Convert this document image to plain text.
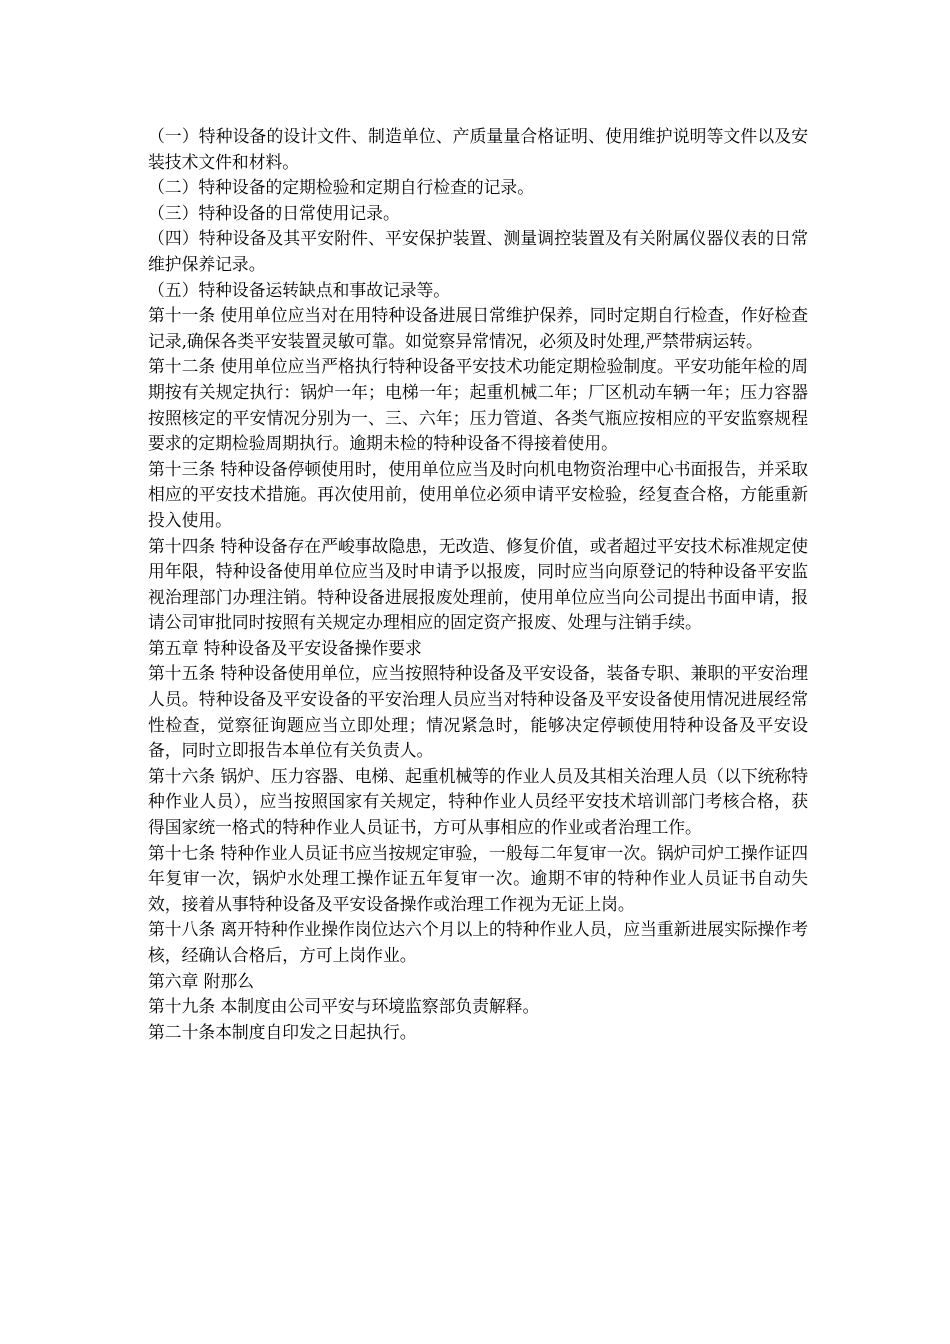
（一）特种设备的设计文件、制造单位、产质量量合格证明、使用维护说明等文件以及安装技术文件和材料。

（二）特种设备的定期检验和定期自行检查的记录。

（三）特种设备的日常使用记录。

（四）特种设备及其平安附件、平安保护装置、测量调控装置及有关附属仪器仪表的日常维护保养记录。

（五）特种设备运转缺点和事故记录等。

第十一条 使用单位应当对在用特种设备进展日常维护保养，同时定期自行检查，作好检查记录,确保各类平安装置灵敏可靠。如觉察异常情况，必须及时处理,严禁带病运转。

第十二条 使用单位应当严格执行特种设备平安技术功能定期检验制度。平安功能年检的周期按有关规定执行：锅炉一年；电梯一年；起重机械二年；厂区机动车辆一年；压力容器按照核定的平安情况分别为一、三、六年；压力管道、各类气瓶应按相应的平安监察规程要求的定期检验周期执行。逾期未检的特种设备不得接着使用。

第十三条 特种设备停顿使用时，使用单位应当及时向机电物资治理中心书面报告，并采取相应的平安技术措施。再次使用前，使用单位必须申请平安检验，经复查合格，方能重新投入使用。

第十四条 特种设备存在严峻事故隐患，无改造、修复价值，或者超过平安技术标准规定使用年限，特种设备使用单位应当及时申请予以报废，同时应当向原登记的特种设备平安监视治理部门办理注销。特种设备进展报废处理前，使用单位应当向公司提出书面申请，报请公司审批同时按照有关规定办理相应的固定资产报废、处理与注销手续。

第五章 特种设备及平安设备操作要求

第十五条 特种设备使用单位，应当按照特种设备及平安设备，装备专职、兼职的平安治理人员。特种设备及平安设备的平安治理人员应当对特种设备及平安设备使用情况进展经常性检查，觉察征询题应当立即处理；情况紧急时，能够决定停顿使用特种设备及平安设备，同时立即报告本单位有关负责人。

第十六条 锅炉、压力容器、电梯、起重机械等的作业人员及其相关治理人员（以下统称特种作业人员），应当按照国家有关规定，特种作业人员经平安技术培训部门考核合格，获得国家统一格式的特种作业人员证书，方可从事相应的作业或者治理工作。

第十七条 特种作业人员证书应当按规定审验，一般每二年复审一次。锅炉司炉工操作证四年复审一次，锅炉水处理工操作证五年复审一次。逾期不审的特种作业人员证书自动失效，接着从事特种设备及平安设备操作或治理工作视为无证上岗。

第十八条 离开特种作业操作岗位达六个月以上的特种作业人员，应当重新进展实际操作考核，经确认合格后，方可上岗作业。

第六章 附那么

第十九条 本制度由公司平安与环境监察部负责解释。

第二十条本制度自印发之日起执行。
